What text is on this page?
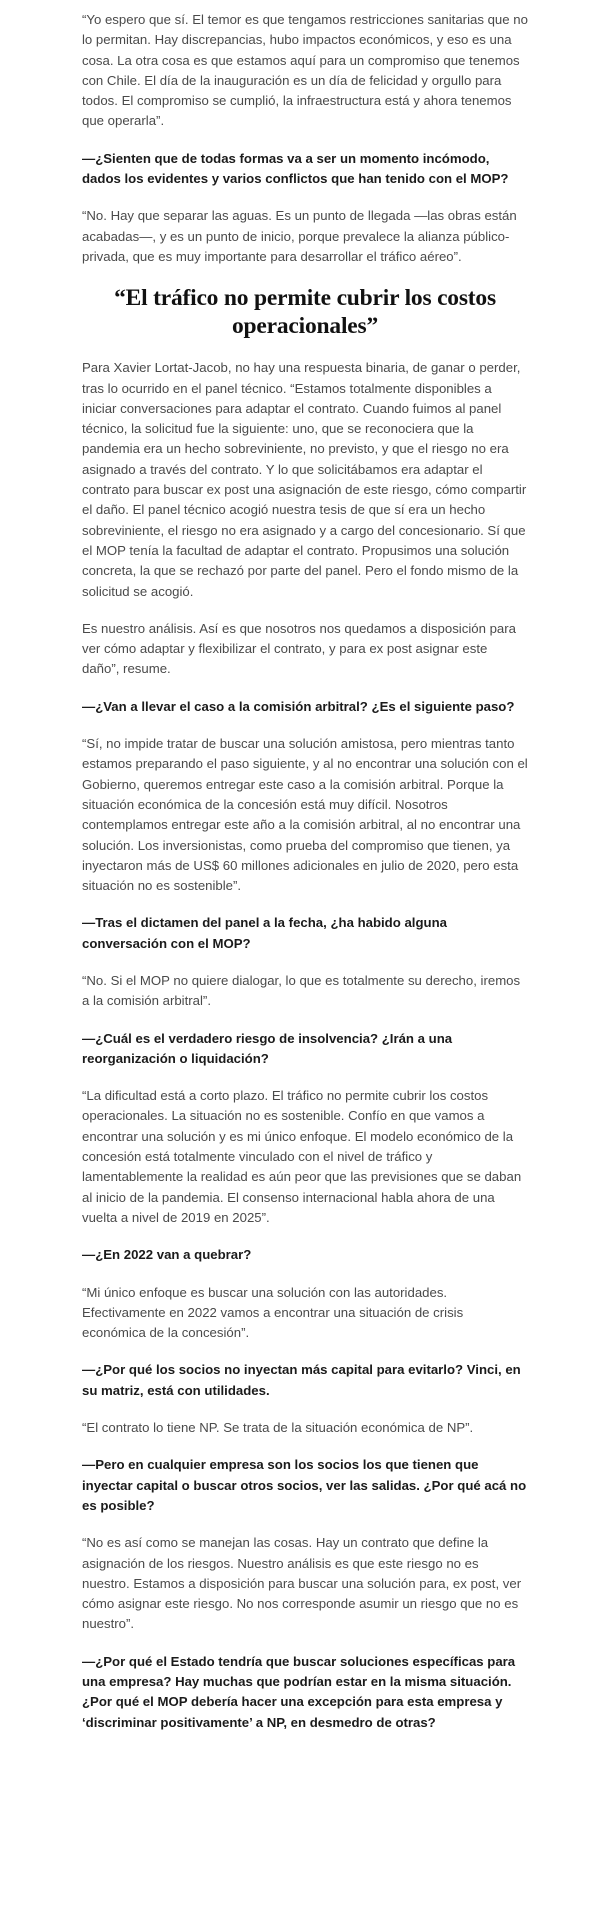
“Yo espero que sí. El temor es que tengamos restricciones sanitarias que no lo permitan. Hay discrepancias, hubo impactos económicos, y eso es una cosa. La otra cosa es que estamos aquí para un compromiso que tenemos con Chile. El día de la inauguración es un día de felicidad y orgullo para todos. El compromiso se cumplió, la infraestructura está y ahora tenemos que operarla”.

—¿Sienten que de todas formas va a ser un momento incómodo, dados los evidentes y varios conflictos que han tenido con el MOP?

“No. Hay que separar las aguas. Es un punto de llegada —las obras están acabadas—, y es un punto de inicio, porque prevalece la alianza público-privada, que es muy importante para desarrollar el tráfico aéreo”.

“El tráfico no permite cubrir los costos operacionales”

Para Xavier Lortat-Jacob, no hay una respuesta binaria, de ganar o perder, tras lo ocurrido en el panel técnico. “Estamos totalmente disponibles a iniciar conversaciones para adaptar el contrato. Cuando fuimos al panel técnico, la solicitud fue la siguiente: uno, que se reconociera que la pandemia era un hecho sobreviniente, no previsto, y que el riesgo no era asignado a través del contrato. Y lo que solicitábamos era adaptar el contrato para buscar ex post una asignación de este riesgo, cómo compartir el daño. El panel técnico acogió nuestra tesis de que sí era un hecho sobreviniente, el riesgo no era asignado y a cargo del concesionario. Sí que el MOP tenía la facultad de adaptar el contrato. Propusimos una solución concreta, la que se rechazó por parte del panel. Pero el fondo mismo de la solicitud se acogió.

Es nuestro análisis. Así es que nosotros nos quedamos a disposición para ver cómo adaptar y flexibilizar el contrato, y para ex post asignar este daño”, resume.

—¿Van a llevar el caso a la comisión arbitral? ¿Es el siguiente paso?

“Sí, no impide tratar de buscar una solución amistosa, pero mientras tanto estamos preparando el paso siguiente, y al no encontrar una solución con el Gobierno, queremos entregar este caso a la comisión arbitral. Porque la situación económica de la concesión está muy difícil. Nosotros contemplamos entregar este año a la comisión arbitral, al no encontrar una solución. Los inversionistas, como prueba del compromiso que tienen, ya inyectaron más de US$ 60 millones adicionales en julio de 2020, pero esta situación no es sostenible”.

—Tras el dictamen del panel a la fecha, ¿ha habido alguna conversación con el MOP?

“No. Si el MOP no quiere dialogar, lo que es totalmente su derecho, iremos a la comisión arbitral”.

—¿Cuál es el verdadero riesgo de insolvencia? ¿Irán a una reorganización o liquidación?

“La dificultad está a corto plazo. El tráfico no permite cubrir los costos operacionales. La situación no es sostenible. Confío en que vamos a encontrar una solución y es mi único enfoque. El modelo económico de la concesión está totalmente vinculado con el nivel de tráfico y lamentablemente la realidad es aún peor que las previsiones que se daban al inicio de la pandemia. El consenso internacional habla ahora de una vuelta a nivel de 2019 en 2025”.

—¿En 2022 van a quebrar?

“Mi único enfoque es buscar una solución con las autoridades. Efectivamente en 2022 vamos a encontrar una situación de crisis económica de la concesión”.

—¿Por qué los socios no inyectan más capital para evitarlo? Vinci, en su matriz, está con utilidades.

“El contrato lo tiene NP. Se trata de la situación económica de NP”.

—Pero en cualquier empresa son los socios los que tienen que inyectar capital o buscar otros socios, ver las salidas. ¿Por qué acá no es posible?

“No es así como se manejan las cosas. Hay un contrato que define la asignación de los riesgos. Nuestro análisis es que este riesgo no es nuestro. Estamos a disposición para buscar una solución para, ex post, ver cómo asignar este riesgo. No nos corresponde asumir un riesgo que no es nuestro”.

—¿Por qué el Estado tendría que buscar soluciones específicas para una empresa? Hay muchas que podrían estar en la misma situación. ¿Por qué el MOP debería hacer una excepción para esta empresa y ‘discriminar positivamente’ a NP, en desmedro de otras?
